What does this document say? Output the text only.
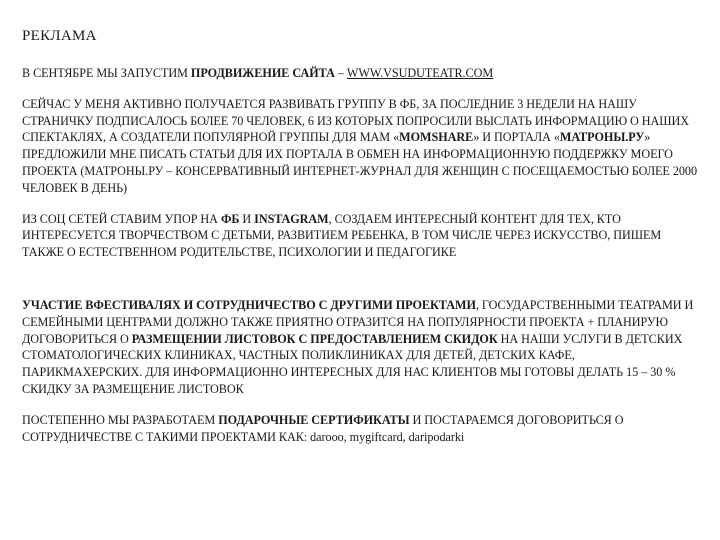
РЕКЛАМА

В СЕНТЯБРЕ МЫ ЗАПУСТИМ ПРОДВИЖЕНИЕ САЙТА – WWW.VSUDUTEATR.COM

СЕЙЧАС У МЕНЯ АКТИВНО ПОЛУЧАЕТСЯ РАЗВИВАТЬ ГРУППУ В ФБ, ЗА ПОСЛЕДНИЕ 3 НЕДЕЛИ НА НАШУ СТРАНИЧКУ ПОДПИСАЛОСЬ БОЛЕЕ 70 ЧЕЛОВЕК, 6 ИЗ КОТОРЫХ ПОПРОСИЛИ ВЫСЛАТЬ ИНФОРМАЦИЮ О НАШИХ СПЕКТАКЛЯХ, А СОЗДАТЕЛИ ПОПУЛЯРНОЙ ГРУППЫ ДЛЯ МАМ «MOMSHARE» И ПОРТАЛА «МАТРОНЫ.РУ» ПРЕДЛОЖИЛИ МНЕ ПИСАТЬ СТАТЬИ ДЛЯ ИХ ПОРТАЛА В ОБМЕН НА ИНФОРМАЦИОННУЮ ПОДДЕРЖКУ МОЕГО ПРОЕКТА (МАТРОНЫ.РУ – КОНСЕРВАТИВНЫЙ ИНТЕРНЕТ-ЖУРНАЛ ДЛЯ ЖЕНЩИН С ПОСЕЩАЕМОСТЬЮ БОЛЕЕ 2000 ЧЕЛОВЕК В ДЕНЬ)

ИЗ СОЦ СЕТЕЙ СТАВИМ УПОР НА ФБ И INSTAGRAM, СОЗДАЕМ ИНТЕРЕСНЫЙ КОНТЕНТ ДЛЯ ТЕХ, КТО ИНТЕРЕСУЕТСЯ ТВОРЧЕСТВОМ С ДЕТЬМИ, РАЗВИТИЕМ РЕБЕНКА, В ТОМ ЧИСЛЕ ЧЕРЕЗ ИСКУССТВО, ПИШЕМ ТАКЖЕ О ЕСТЕСТВЕННОМ РОДИТЕЛЬСТВЕ, ПСИХОЛОГИИ И ПЕДАГОГИКЕ

УЧАСТИЕ ВФЕСТИВАЛЯХ И СОТРУДНИЧЕСТВО С ДРУГИМИ ПРОЕКТАМИ, ГОСУДАРСТВЕННЫМИ ТЕАТРАМИ И СЕМЕЙНЫМИ ЦЕНТРАМИ ДОЛЖНО ТАКЖЕ ПРИЯТНО ОТРАЗИТСЯ НА ПОПУЛЯРНОСТИ ПРОЕКТА + ПЛАНИРУЮ ДОГОВОРИТЬСЯ О РАЗМЕЩЕНИИ ЛИСТОВОК С ПРЕДОСТАВЛЕНИЕМ СКИДОК НА НАШИ УСЛУГИ В ДЕТСКИХ СТОМАТОЛОГИЧЕСКИХ КЛИНИКАХ, ЧАСТНЫХ ПОЛИКЛИНИКАХ ДЛЯ ДЕТЕЙ, ДЕТСКИХ КАФЕ, ПАРИКМАХЕРСКИХ. ДЛЯ ИНФОРМАЦИОННО ИНТЕРЕСНЫХ ДЛЯ НАС КЛИЕНТОВ МЫ ГОТОВЫ ДЕЛАТЬ 15 – 30 % СКИДКУ ЗА РАЗМЕЩЕНИЕ ЛИСТОВОК

ПОСТЕПЕННО МЫ РАЗРАБОТАЕМ ПОДАРОЧНЫЕ СЕРТИФИКАТЫ И ПОСТАРАЕМСЯ ДОГОВОРИТЬСЯ О СОТРУДНИЧЕСТВЕ С ТАКИМИ ПРОЕКТАМИ КАК: darooo, mygiftcard, daripodarki
